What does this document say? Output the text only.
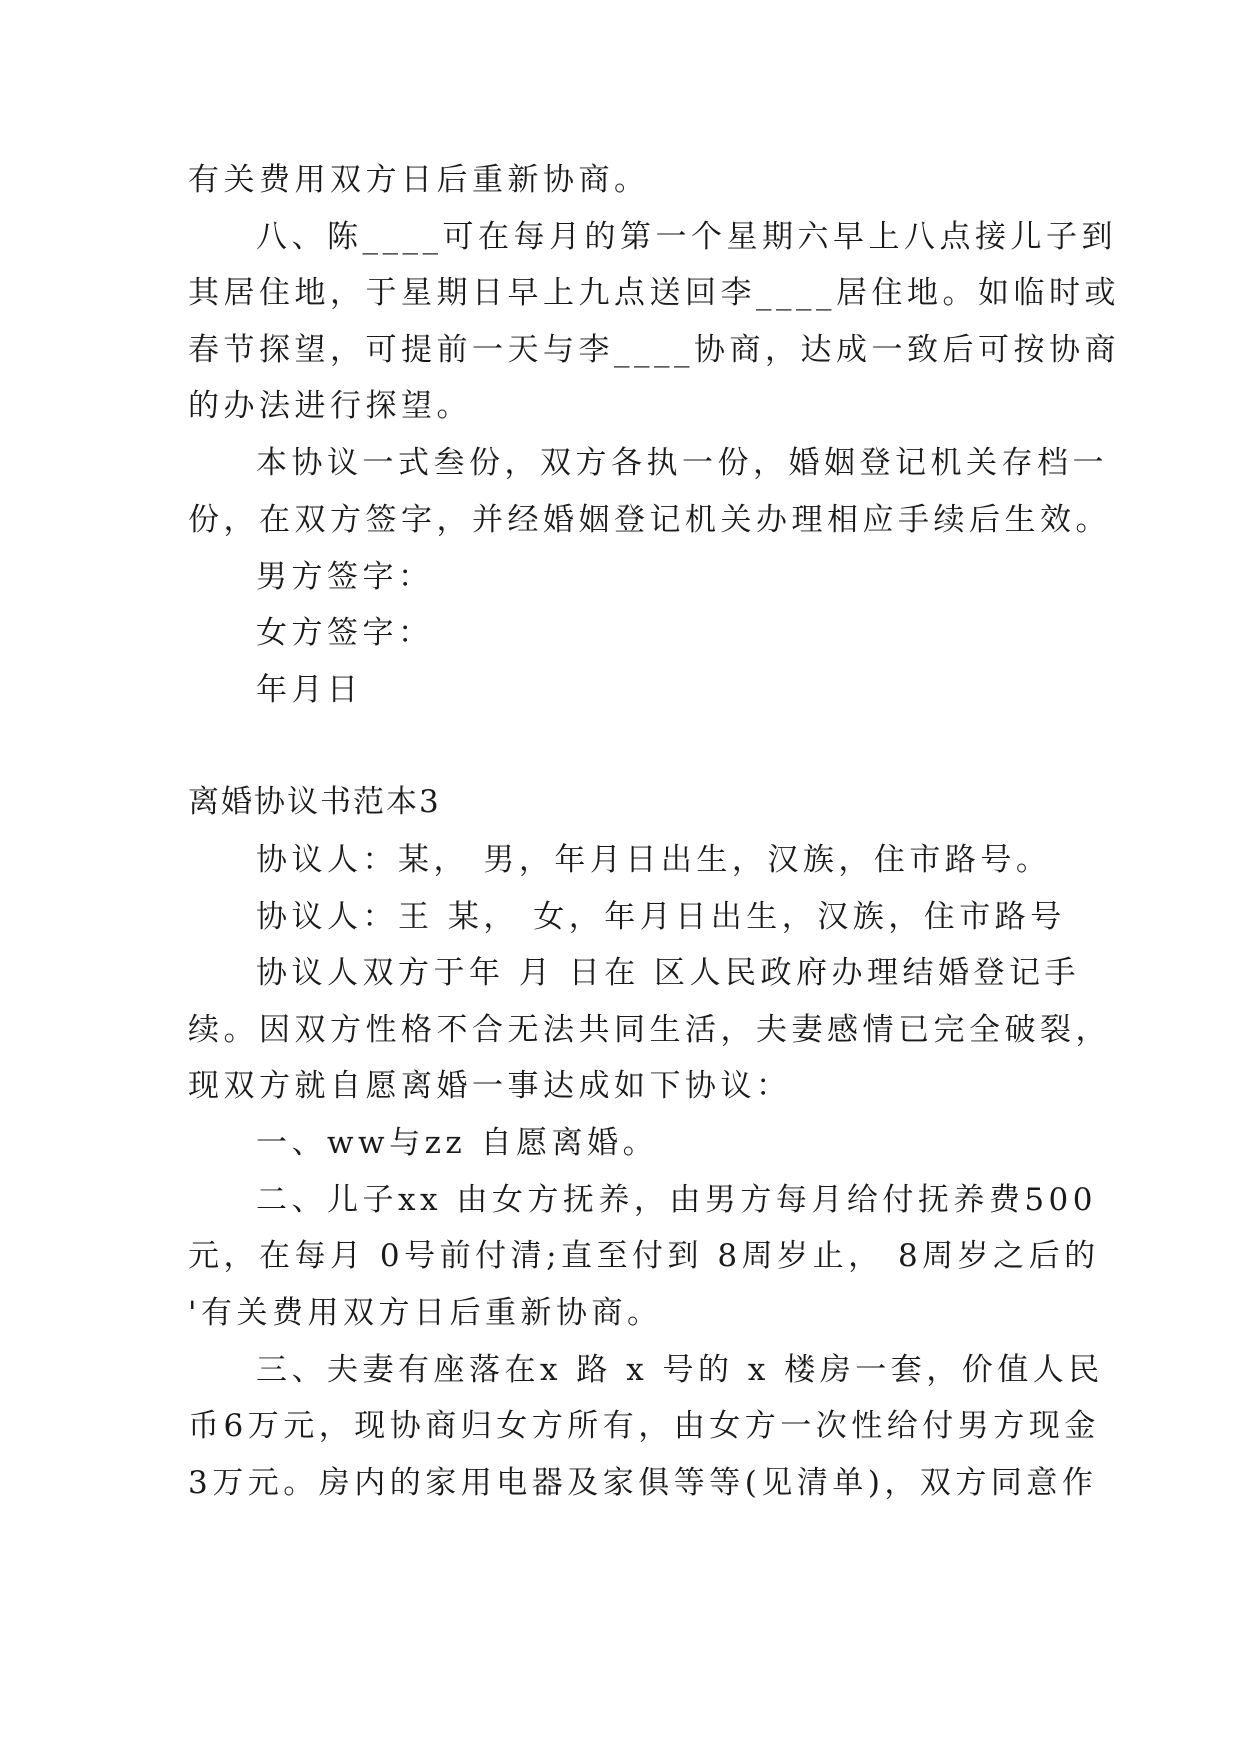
有关费用双方日后重新协商。
八、陈____可在每月的第一个星期六早上八点接儿子到
其居住地，于星期日早上九点送回李____居住地。如临时或
春节探望，可提前一天与李____协商，达成一致后可按协商
的办法进行探望。
本协议一式叁份，双方各执一份，婚姻登记机关存档一
份，在双方签字，并经婚姻登记机关办理相应手续后生效。
男方签字：
女方签字：
年月日
离婚协议书范本3
协议人：某， 男，年月日出生，汉族，住市路号。
协议人：王 某， 女，年月日出生，汉族，住市路号
协议人双方于年 月 日在 区人民政府办理结婚登记手
续。因双方性格不合无法共同生活，夫妻感情已完全破裂，
现双方就自愿离婚一事达成如下协议：
一、ww与zz 自愿离婚。
二、儿子xx 由女方抚养，由男方每月给付抚养费500
元，在每月 0号前付清;直至付到 8周岁止， 8周岁之后的
'有关费用双方日后重新协商。
三、夫妻有座落在x 路 x 号的 x 楼房一套，价值人民
币6万元，现协商归女方所有，由女方一次性给付男方现金
3万元。房内的家用电器及家俱等等(见清单)，双方同意作
